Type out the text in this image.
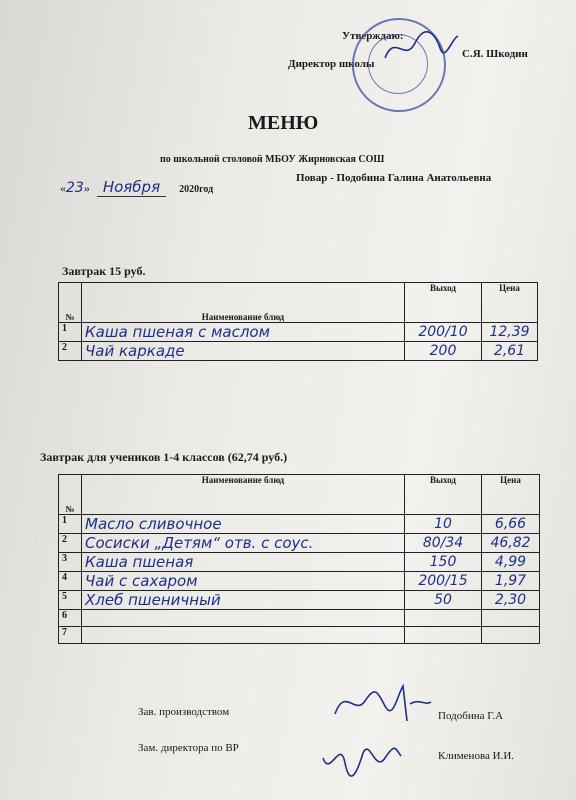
Утверждаю:
Директор школы
С.Я. Шкодин
МЕНЮ
по школьной столовой МБОУ Жирновская СОШ
«23» Ноября 2020год
Повар - Подобина Галина Анатольевна
Завтрак 15 руб.
№	Наименование блюд	Выход	Цена
1	Каша пшеная с маслом	200/10	12,39
2	Чай каркаде	200	2,61
Завтрак для учеников 1-4 классов (62,74 руб.)
№	Наименование блюд	Выход	Цена
1	Масло сливочное	10	6,66
2	Сосиски „Детям“ отв. с соус.	80/34	46,82
3	Каша пшеная	150	4,99
4	Чай с сахаром	200/15	1,97
5	Хлеб пшеничный	50	2,30
6			
7			
Зав. производством	Подобина Г.А
Зам. директора по ВР
Клименова И.И.
